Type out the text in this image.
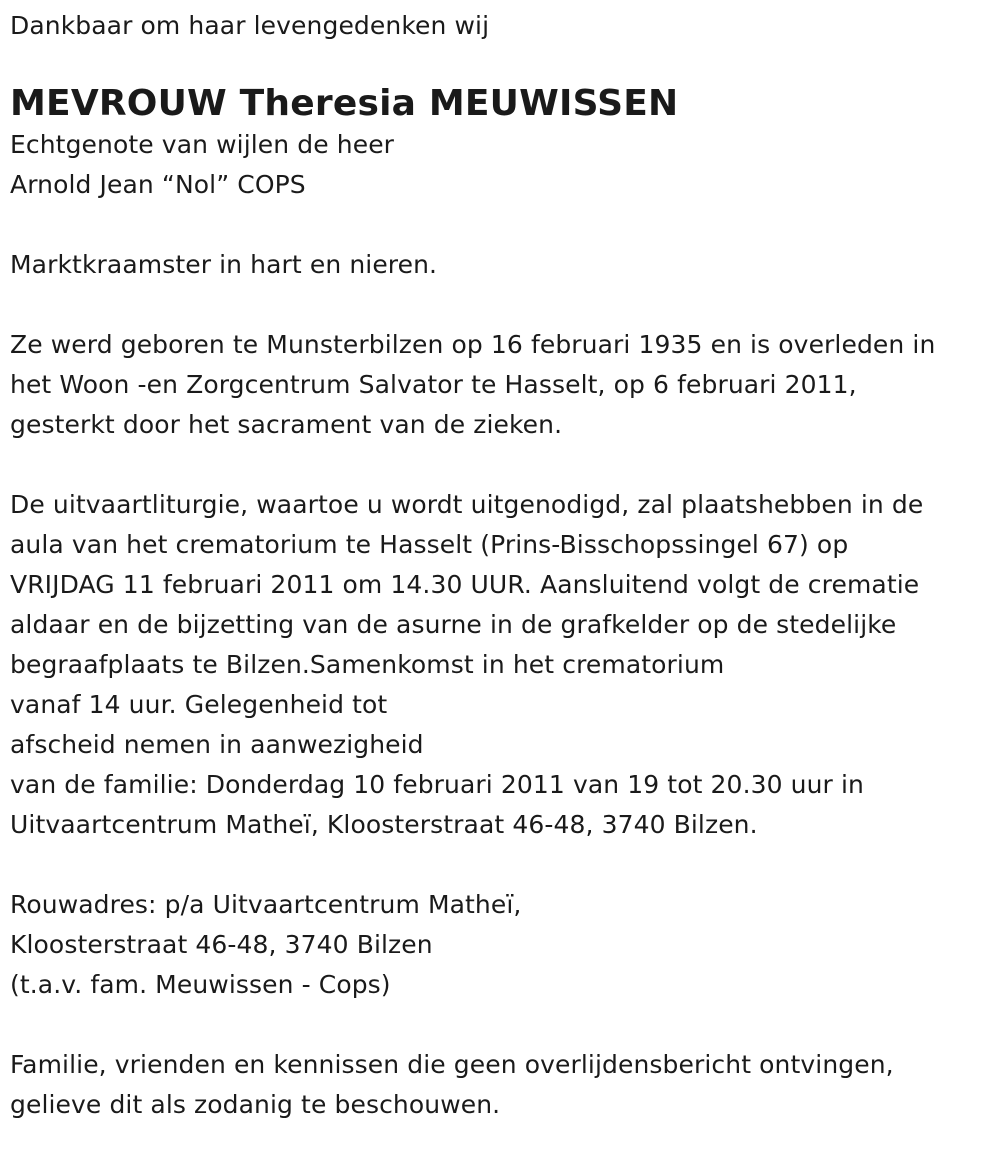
Dankbaar om haar levengedenken wij
MEVROUW Theresia MEUWISSEN
Echtgenote van wijlen de heer
Arnold Jean “Nol” COPS
Marktkraamster in hart en nieren.
Ze werd geboren te Munsterbilzen op 16 februari 1935 en is overleden in
het Woon -en Zorgcentrum Salvator te Hasselt, op 6 februari 2011,
gesterkt door het sacrament van de zieken.
De uitvaartliturgie, waartoe u wordt uitgenodigd, zal plaatshebben in de
aula van het crematorium te Hasselt (Prins-Bisschopssingel 67) op
VRIJDAG 11 februari 2011 om 14.30 UUR. Aansluitend volgt de crematie
aldaar en de bijzetting van de asurne in de grafkelder op de stedelijke
begraafplaats te Bilzen.Samenkomst in het crematorium
vanaf 14 uur. Gelegenheid tot
afscheid nemen in aanwezigheid
van de familie: Donderdag 10 februari 2011 van 19 tot 20.30 uur in
Uitvaartcentrum Matheï, Kloosterstraat 46-48, 3740 Bilzen.
Rouwadres: p/a Uitvaartcentrum Matheï,
Kloosterstraat 46-48, 3740 Bilzen
(t.a.v. fam. Meuwissen - Cops)
Familie, vrienden en kennissen die geen overlijdensbericht ontvingen,
gelieve dit als zodanig te beschouwen.
